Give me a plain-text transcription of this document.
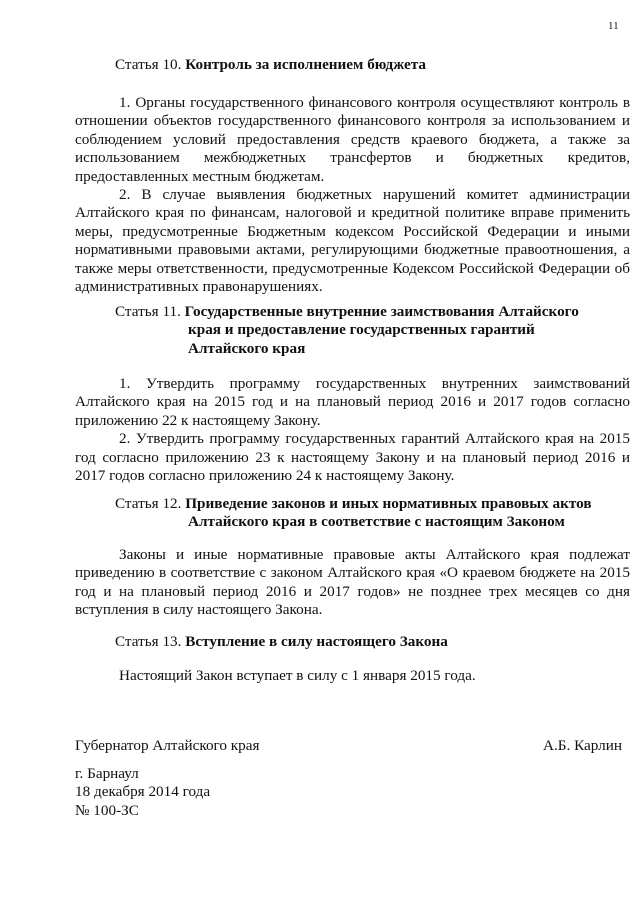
11
Статья 10. Контроль за исполнением бюджета

1. Органы государственного финансового контроля осуществляют контроль в отношении объектов государственного финансового контроля за использованием и соблюдением условий предоставления средств краевого бюджета, а также за использованием межбюджетных трансфертов и бюджетных кредитов, предоставленных местным бюджетам.

2. В случае выявления бюджетных нарушений комитет администрации Алтайского края по финансам, налоговой и кредитной политике вправе применить меры, предусмотренные Бюджетным кодексом Российской Федерации и иными нормативными правовыми актами, регулирующими бюджетные правоотношения, а также меры ответственности, предусмотренные Кодексом Российской Федерации об административных правонарушениях.

Статья 11. Государственные внутренние заимствования Алтайского
края и предоставление государственных гарантий
Алтайского края

1. Утвердить программу государственных внутренних заимствований Алтайского края на 2015 год и на плановый период 2016 и 2017 годов согласно приложению 22 к настоящему Закону.

2. Утвердить программу государственных гарантий Алтайского края на 2015 год согласно приложению 23 к настоящему Закону и на плановый период 2016 и 2017 годов согласно приложению 24 к настоящему Закону.

Статья 12. Приведение законов и иных нормативных правовых актов
Алтайского края в соответствие с настоящим Законом

Законы и иные нормативные правовые акты Алтайского края подлежат приведению в соответствие с законом Алтайского края «О краевом бюджете на 2015 год и на плановый период 2016 и 2017 годов» не позднее трех месяцев со дня вступления в силу настоящего Закона.

Статья 13. Вступление в силу настоящего Закона

Настоящий Закон вступает в силу с 1 января 2015 года.

Губернатор Алтайского края	А.Б. Карлин
г. Барнаул
18 декабря 2014 года
№ 100-ЗС
